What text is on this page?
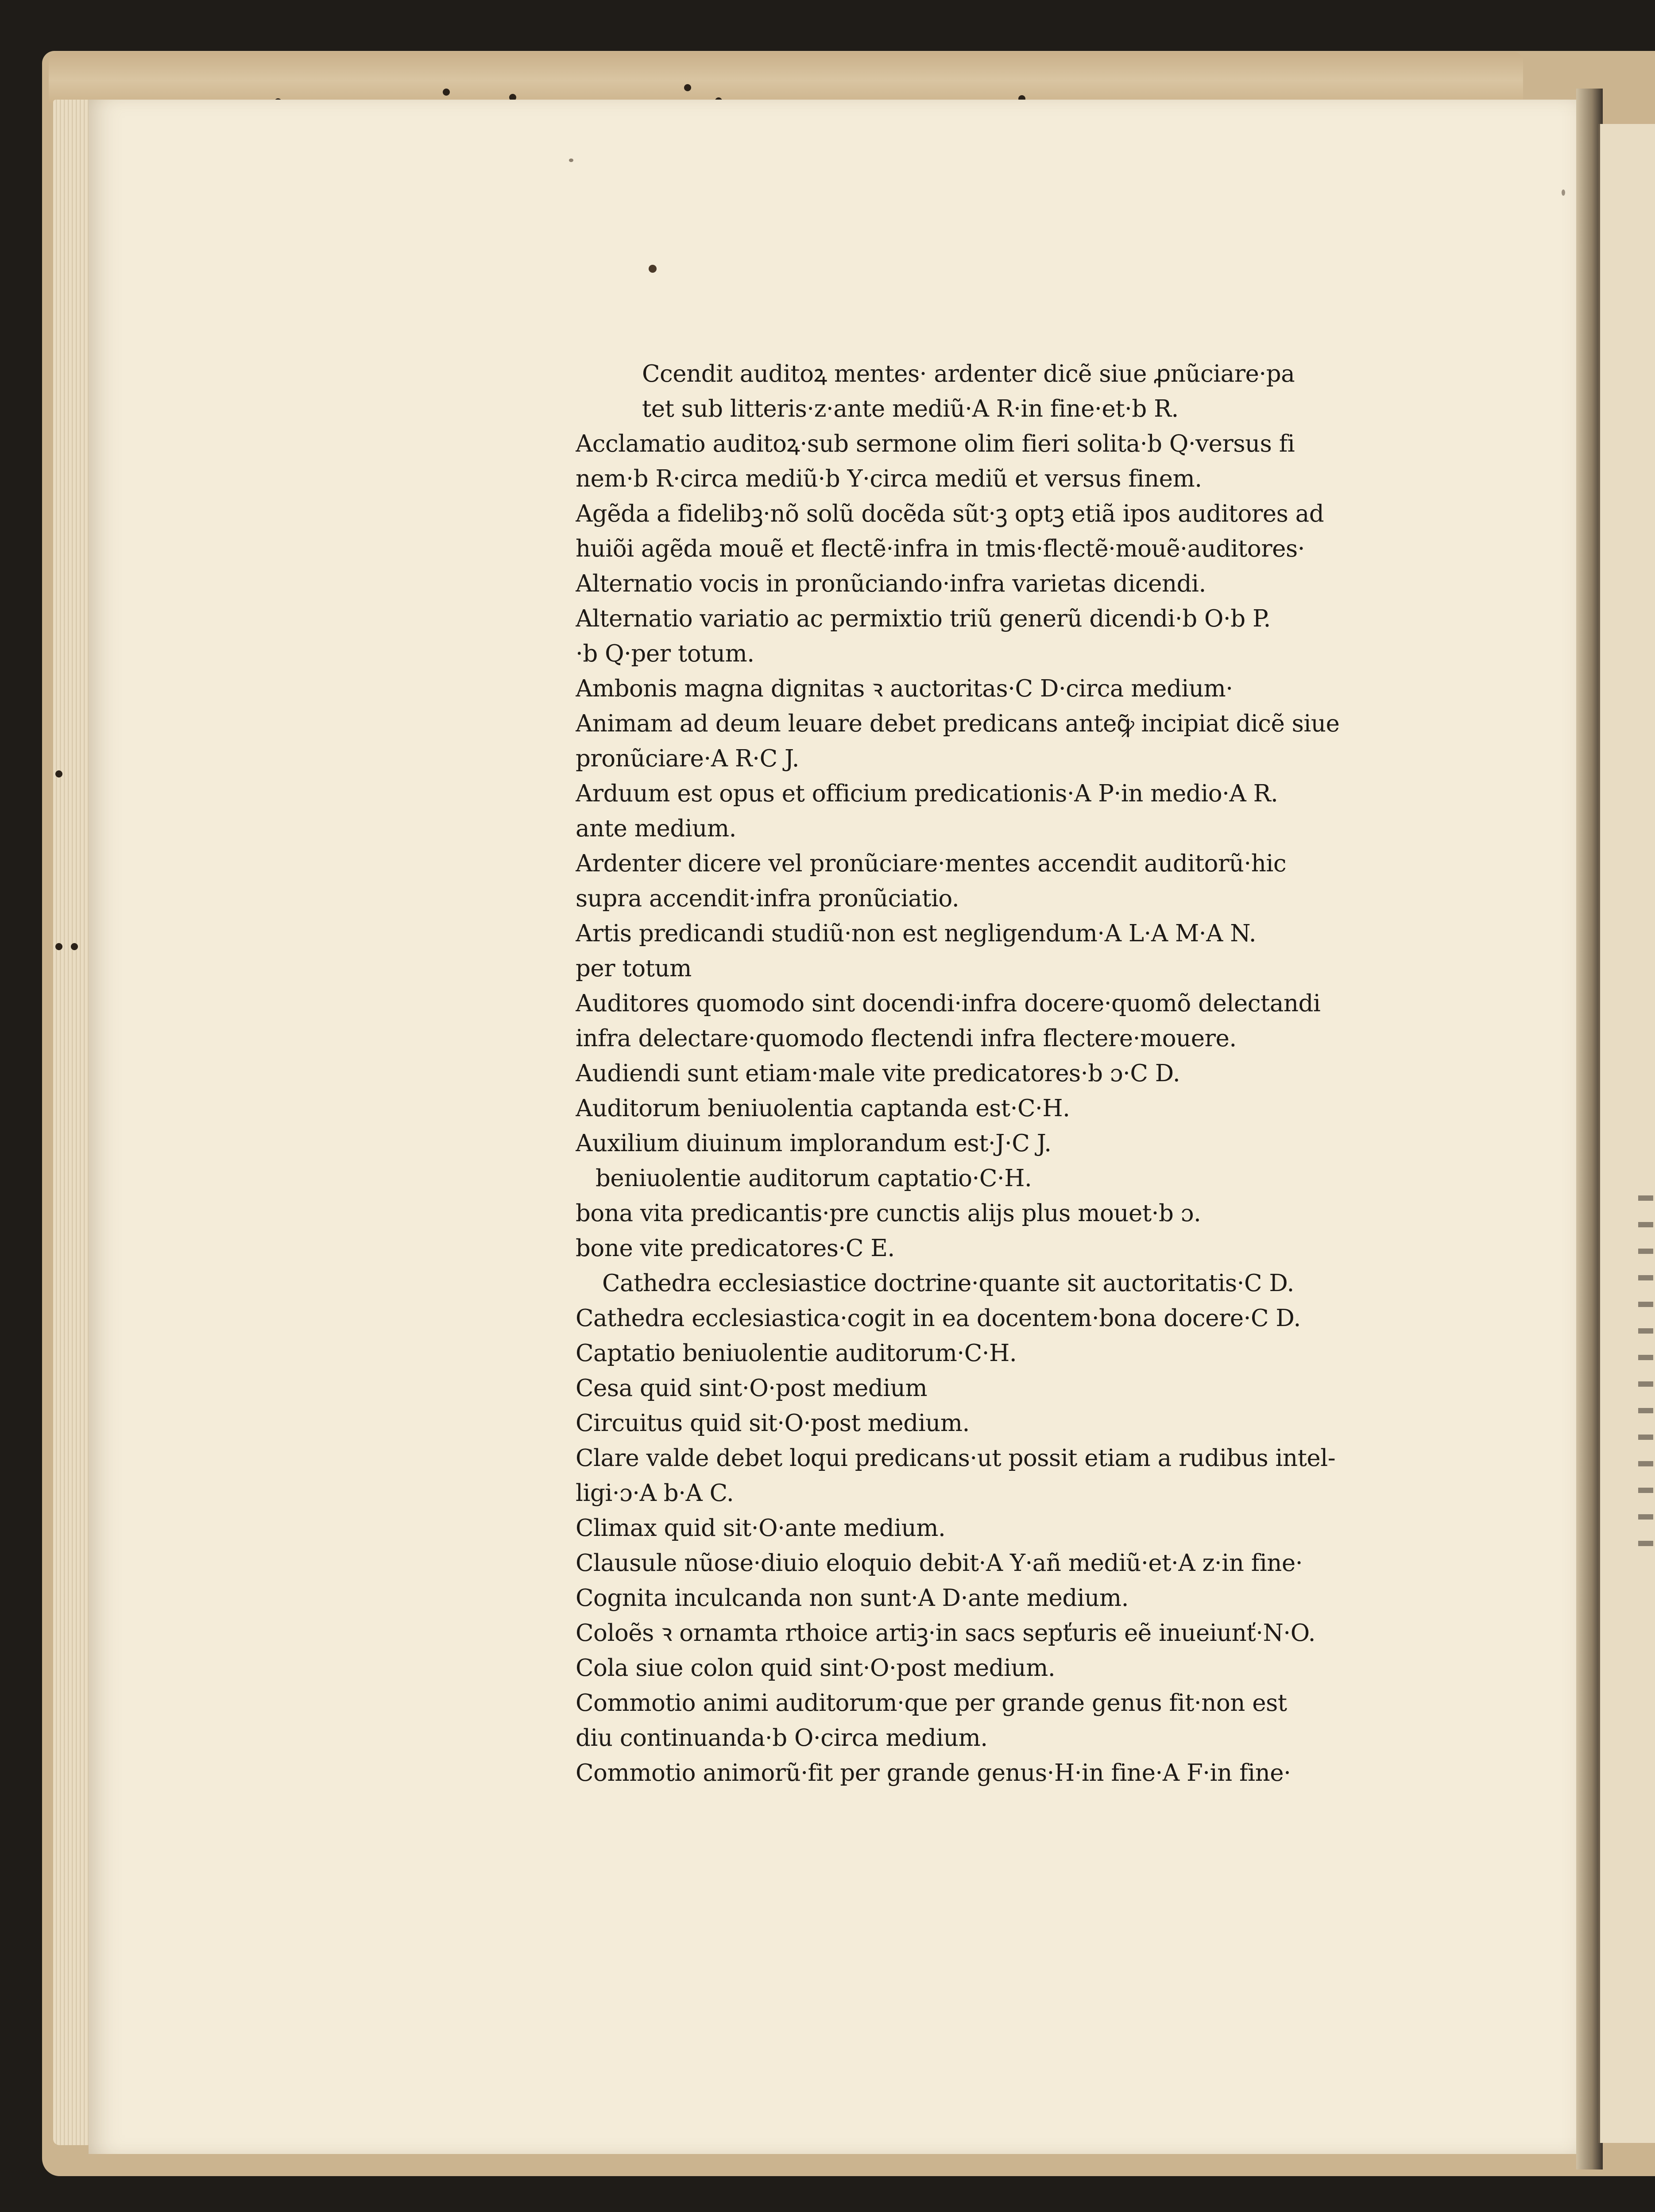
Ccendit auditoꝝ mentes· ardenter dicẽ siue ꝓnũciare·pa
tet sub litteris·z·ante mediũ·A R·in fine·et·b R.
Acclamatio auditoꝝ·sub sermone olim fieri solita·b Q·versus fi
nem·b R·circa mediũ·b Y·circa mediũ et versus finem.
Agẽda a fidelibꝫ·nõ solũ docẽda sũt·ꝫ optꝫ etiã ipos auditores ad
huiõi agẽda mouẽ et flectẽ·infra in tmis·flectẽ·mouẽ·auditores·
Alternatio vocis in pronũciando·infra varietas dicendi.
Alternatio variatio ac permixtio triũ generũ dicendi·b O·b P.
·b Q·per totum.
Ambonis magna dignitas ꝛ auctoritas·C D·circa medium·
Animam ad deum leuare debet predicans anteꝙ̃ incipiat dicẽ siue
pronũciare·A R·C J.
Arduum est opus et officium predicationis·A P·in medio·A R.
ante medium.
Ardenter dicere vel pronũciare·mentes accendit auditorũ·hic
supra accendit·infra pronũciatio.
Artis predicandi studiũ·non est negligendum·A L·A M·A N.
per totum
Auditores quomodo sint docendi·infra docere·quomõ delectandi
infra delectare·quomodo flectendi infra flectere·mouere.
Audiendi sunt etiam·male vite predicatores·b ɔ·C D.
Auditorum beniuolentia captanda est·C·H.
Auxilium diuinum implorandum est·J·C J.
beniuolentie auditorum captatio·C·H.
bona vita predicantis·pre cunctis alijs plus mouet·b ɔ.
bone vite predicatores·C E.
Cathedra ecclesiastice doctrine·quante sit auctoritatis·C D.
Cathedra ecclesiastica·cogit in ea docentem·bona docere·C D.
Captatio beniuolentie auditorum·C·H.
Cesa quid sint·O·post medium
Circuitus quid sit·O·post medium.
Clare valde debet loqui predicans·ut possit etiam a rudibus intel-
ligi·ɔ·A b·A C.
Climax quid sit·O·ante medium.
Clausule nũose·diuio eloquio debit·A Y·añ mediũ·et·A z·in fine·
Cognita inculcanda non sunt·A D·ante medium.
Coloẽs ꝛ ornamta rthoice artiꝫ·in sacs sepťuris eẽ inueiunť·N·O.
Cola siue colon quid sint·O·post medium.
Commotio animi auditorum·que per grande genus fit·non est
diu continuanda·b O·circa medium.
Commotio animorũ·fit per grande genus·H·in fine·A F·in fine·
